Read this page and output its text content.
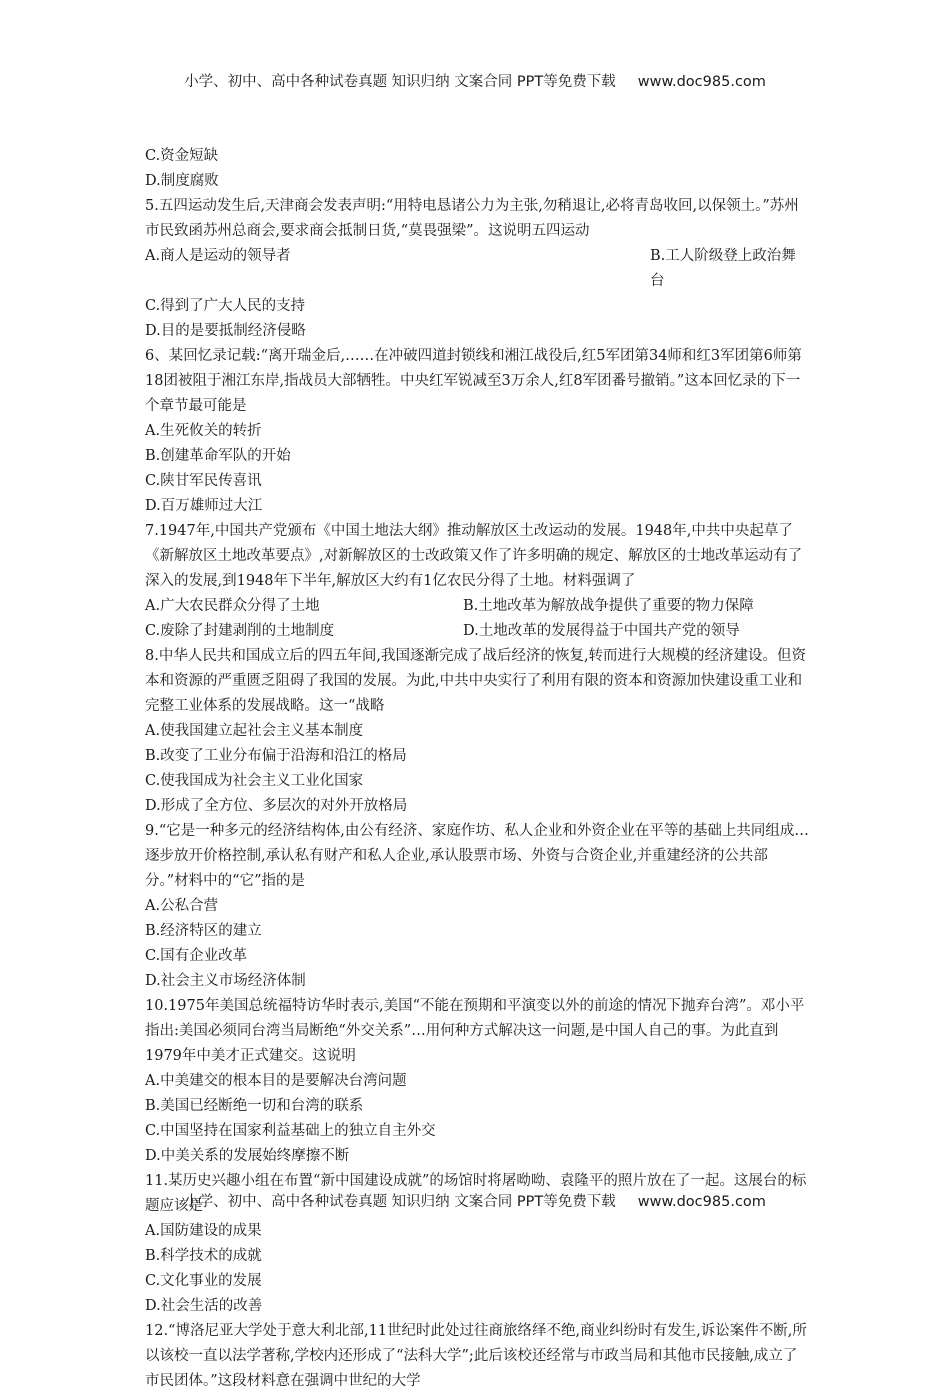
小学、初中、高中各种试卷真题 知识归纳 文案合同 PPT等免费下载 www.doc985.com
C.资金短缺
D.制度腐败

5.五四运动发生后,天津商会发表声明:“用特电恳诸公力为主张,勿稍退让,必将青岛收回,以保领土。”苏州市民致函苏州总商会,要求商会抵制日货,“莫畏强梁”。这说明五四运动

A.商人是运动的领导者	B.工人阶级登上政治舞台
C.得到了广大人民的支持
D.目的是要抵制经济侵略

6、某回忆录记载:“离开瑞金后,……在冲破四道封锁线和湘江战役后,红5军团第34师和红3军团第6师第18团被阻于湘江东岸,指战员大部牺牲。中央红军锐减至3万余人,红8军团番号撤销。”这本回忆录的下一个章节最可能是

A.生死攸关的转折
B.创建革命军队的开始
C.陕甘军民传喜讯
D.百万雄师过大江

7.1947年,中国共产党颁布《中国土地法大纲》推动解放区土改运动的发展。1948年,中共中央起草了《新解放区土地改革要点》,对新解放区的士改政策又作了许多明确的规定、解放区的士地改革运动有了深入的发展,到1948年下半年,解放区大约有1亿农民分得了土地。材料强调了

A.广大农民群众分得了土地	B.土地改革为解放战争提供了重要的物力保障
C.废除了封建剥削的土地制度	D.土地改革的发展得益于中国共产党的领导

8.中华人民共和国成立后的四五年间,我国逐渐完成了战后经济的恢复,转而进行大规模的经济建设。但资本和资源的严重匮乏阻碍了我国的发展。为此,中共中央实行了利用有限的资本和资源加快建设重工业和完整工业体系的发展战略。这一“战略

A.使我国建立起社会主义基本制度
B.改变了工业分布偏于沿海和沿江的格局
C.使我国成为社会主义工业化国家
D.形成了全方位、多层次的对外开放格局

9.“它是一种多元的经济结构体,由公有经济、家庭作坊、私人企业和外资企业在平等的基础上共同组成…逐步放开价格控制,承认私有财产和私人企业,承认股票市场、外资与合资企业,并重建经济的公共部分。”材料中的“它”指的是

A.公私合营
B.经济特区的建立
C.国有企业改革
D.社会主义市场经济体制

10.1975年美国总统福特访华时表示,美国“不能在预期和平演变以外的前途的情况下抛弃台湾”。邓小平指出:美国必须同台湾当局断绝“外交关系”…用何种方式解决这一问题,是中国人自己的事。为此直到1979年中美才正式建交。这说明

A.中美建交的根本目的是要解决台湾问题
B.美国已经断绝一切和台湾的联系
C.中国坚持在国家利益基础上的独立自主外交
D.中美关系的发展始终摩擦不断

11.某历史兴趣小组在布置“新中国建设成就”的场馆时将屠呦呦、袁隆平的照片放在了一起。这展台的标题应该是

A.国防建设的成果
B.科学技术的成就
C.文化事业的发展
D.社会生活的改善

12.“博洛尼亚大学处于意大利北部,11世纪时此处过往商旅络绎不绝,商业纠纷时有发生,诉讼案件不断,所以该校一直以法学著称,学校内还形成了“法科大学”;此后该校还经常与市政当局和其他市民接触,成立了市民团体。”这段材料意在强调中世纪的大学

小学、初中、高中各种试卷真题 知识归纳 文案合同 PPT等免费下载 www.doc985.com
